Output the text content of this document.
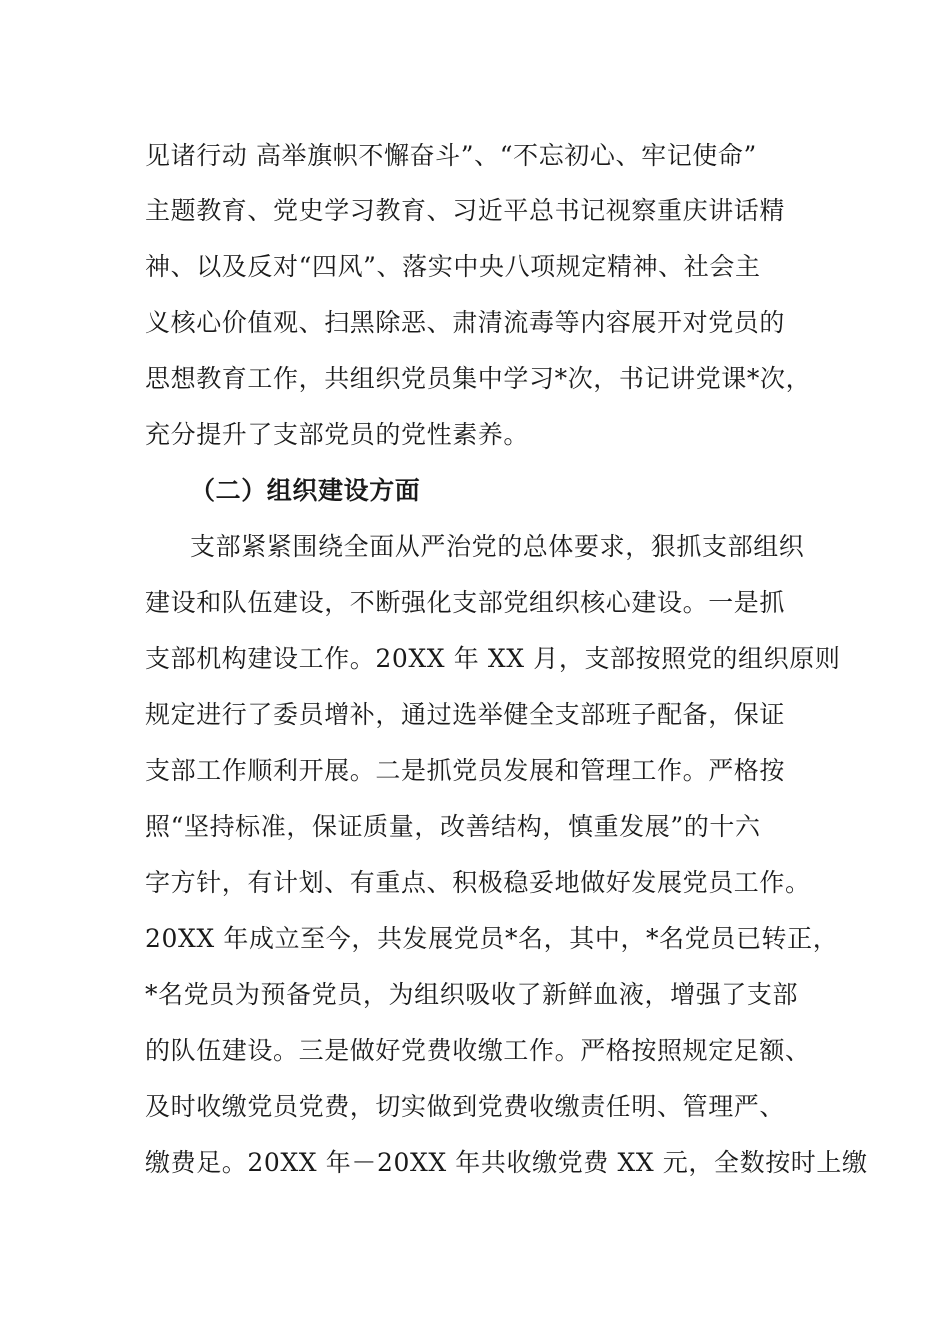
见诸行动 高举旗帜不懈奋斗”、“不忘初心、牢记使命”
主题教育、党史学习教育、习近平总书记视察重庆讲话精
神、以及反对“四风”、落实中央八项规定精神、社会主
义核心价值观、扫黑除恶、肃清流毒等内容展开对党员的
思想教育工作，共组织党员集中学习*次，书记讲党课*次，
充分提升了支部党员的党性素养。
（二）组织建设方面
支部紧紧围绕全面从严治党的总体要求，狠抓支部组织
建设和队伍建设，不断强化支部党组织核心建设。一是抓
支部机构建设工作。20XX 年 XX 月，支部按照党的组织原则
规定进行了委员增补，通过选举健全支部班子配备，保证
支部工作顺利开展。二是抓党员发展和管理工作。严格按
照“坚持标准，保证质量，改善结构，慎重发展”的十六
字方针，有计划、有重点、积极稳妥地做好发展党员工作。
20XX 年成立至今，共发展党员*名，其中，*名党员已转正，
*名党员为预备党员，为组织吸收了新鲜血液，增强了支部
的队伍建设。三是做好党费收缴工作。严格按照规定足额、
及时收缴党员党费，切实做到党费收缴责任明、管理严、
缴费足。20XX 年－20XX 年共收缴党费 XX 元，全数按时上缴
